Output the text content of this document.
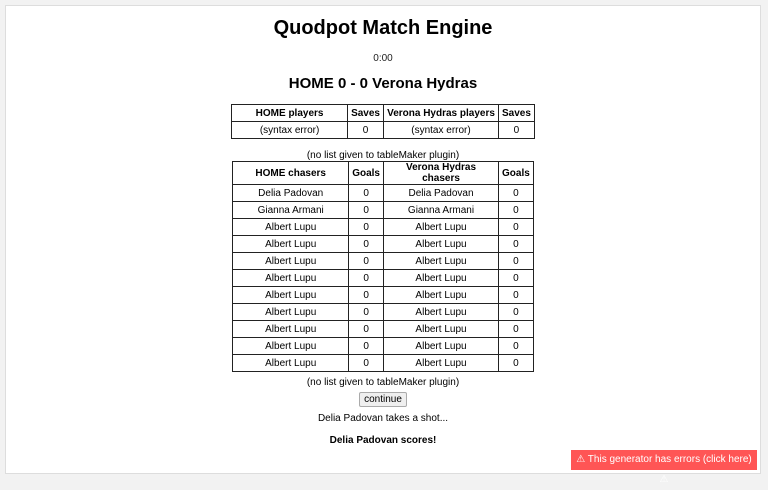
Quodpot Match Engine
0:00
HOME 0 - 0 Verona Hydras
HOME players	Saves	Verona Hydras players	Saves
(syntax error)	0	(syntax error)	0
(no list given to tableMaker plugin)
HOME chasers	Goals	Verona Hydras chasers	Goals
Delia Padovan	0	Delia Padovan	0
Gianna Armani	0	Gianna Armani	0
Albert Lupu	0	Albert Lupu	0
Albert Lupu	0	Albert Lupu	0
Albert Lupu	0	Albert Lupu	0
Albert Lupu	0	Albert Lupu	0
Albert Lupu	0	Albert Lupu	0
Albert Lupu	0	Albert Lupu	0
Albert Lupu	0	Albert Lupu	0
Albert Lupu	0	Albert Lupu	0
Albert Lupu	0	Albert Lupu	0
(no list given to tableMaker plugin)
continue
Delia Padovan takes a shot...
Delia Padovan scores!
⚠ This generator has errors (click here) ⚠
